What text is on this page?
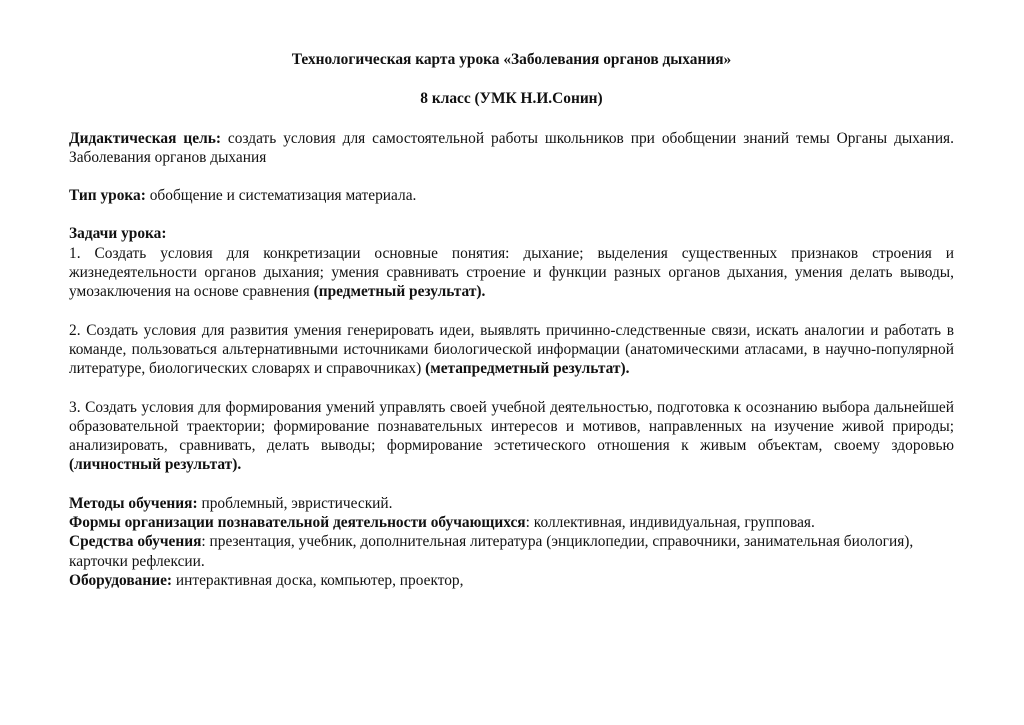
Технологическая карта урока «Заболевания органов дыхания»

8 класс (УМК Н.И.Сонин)

Дидактическая цель: создать условия для самостоятельной работы школьников при обобщении знаний темы Органы дыхания. Заболевания органов дыхания

Тип урока: обобщение и систематизация материала.

Задачи урока:

1. Создать условия для конкретизации основные понятия: дыхание; выделения существенных признаков строения и жизнедеятельности органов дыхания; умения сравнивать строение и функции разных органов дыхания, умения делать выводы, умозаключения на основе сравнения (предметный результат).

2. Создать условия для развития умения генерировать идеи, выявлять причинно-следственные связи, искать аналогии и работать в команде, пользоваться альтернативными источниками биологической информации (анатомическими атласами, в научно-популярной литературе, биологических словарях и справочниках) (метапредметный результат).

3. Создать условия для формирования умений управлять своей учебной деятельностью, подготовка к осознанию выбора дальнейшей образовательной траектории; формирование познавательных интересов и мотивов, направленных на изучение живой природы; анализировать, сравнивать, делать выводы; формирование эстетического отношения к живым объектам, своему здоровью (личностный результат).

Методы обучения: проблемный, эвристический.

Формы организации познавательной деятельности обучающихся: коллективная, индивидуальная, групповая.

Средства обучения: презентация, учебник, дополнительная литература (энциклопедии, справочники, занимательная биология), карточки рефлексии.

Оборудование: интерактивная доска, компьютер, проектор,
